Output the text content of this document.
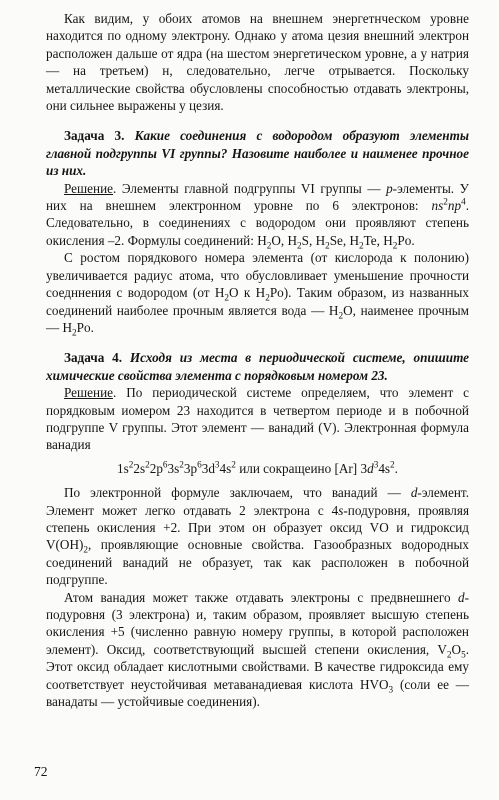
Как видим, у обоих атомов на внешнем энергетнческом уровне находится по одному электрону. Однако у атома цезия внешний электрон расположен дальше от ядра (на шестом энергетическом уровне, а у натрия — на третьем) н, следовательно, легче отрывается. Поскольку металлические свойства обусловлены способностью отдавать электроны, они сильнее выражены у цезия.

Задача 3. Какие соединения с водородом образуют элементы главной подгруппы VI группы? Назовите наиболее и наименее прочное из них.

Решение. Элементы главной подгруппы VI группы — p-элементы. У них на внешнем электронном уровне по 6 электронов: $ns^2np^4$. Следовательно, в соединениях с водородом они проявляют степень окисления –2. Формулы соединений: $H_2O$, $H_2S$, $H_2Se$, $H_2Te$, $H_2Po$.

С ростом порядкового номера элемента (от кислорода к полонию) увеличивается радиус атома, что обусловливает уменьшение прочности соедннения с водородом (от $H_2O$ к $H_2Po$). Таким образом, из названных соединений наиболее прочным является вода — $H_2O$, наименее прочным — $H_2Po$.

Задача 4. Исходя из места в периодической системе, опишите химические свойства элемента с порядковым номером 23.

Решение. По периодической системе определяем, что элемент с порядковым иомером 23 находится в четвертом периоде и в побочной подгруппе V группы. Этот элемент — ванадий (V). Электронная формула ванадия

$1s^22s^22p^63s^23p^63d^34s^2$ или сокращеино [Ar] $3d^34s^2$.

По электронной формуле заключаем, что ванадий — d-элемент. Элемент может легко отдавать 2 электрона с 4s-подуровня, проявляя степень окисления +2. При этом он образует оксид VO и гидроксид $V(OH)_2$, проявляющие основные свойства. Газообразных водородных соединений ванадий не образует, так как расположен в побочной подгруппе.

Атом ванадия может также отдавать электроны с предвнешнего d-подуровня (3 электрона) и, таким образом, проявляет высшую степень окисления +5 (численно равную номеру группы, в которой расположен элемент). Оксид, соответствующий высшей степени окисления, $V_2O_5$. Этот оксид обладает кислотными свойствами. В качестве гидроксида ему соответствует неустойчивая метаванадиевая кислота $HVO_3$ (соли ее — ванадаты — устойчивые соединения).

72
